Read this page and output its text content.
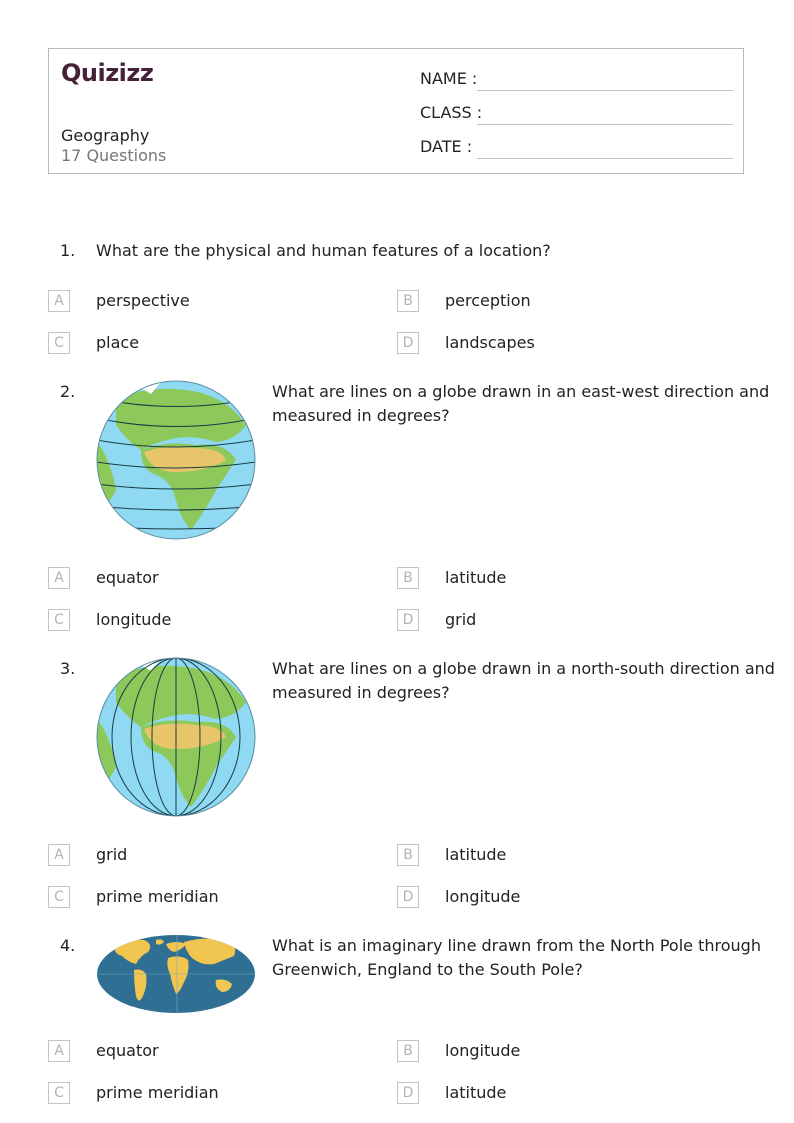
Quizizz
Geography
17 Questions
NAME :
CLASS :
DATE :
1. What are the physical and human features of a location?
A	perspective	B	perception
C	place	D	landscapes
2.	What are lines on a globe drawn in an east-west direction and
measured in degrees?
A	equator	B	latitude
C	longitude	D	grid
3.	What are lines on a globe drawn in a north-south direction and
measured in degrees?
A	grid	B	latitude
C	prime meridian	D	longitude
4.	What is an imaginary line drawn from the North Pole through
Greenwich, England to the South Pole?
A	equator	B	longitude
C	prime meridian	D	latitude
